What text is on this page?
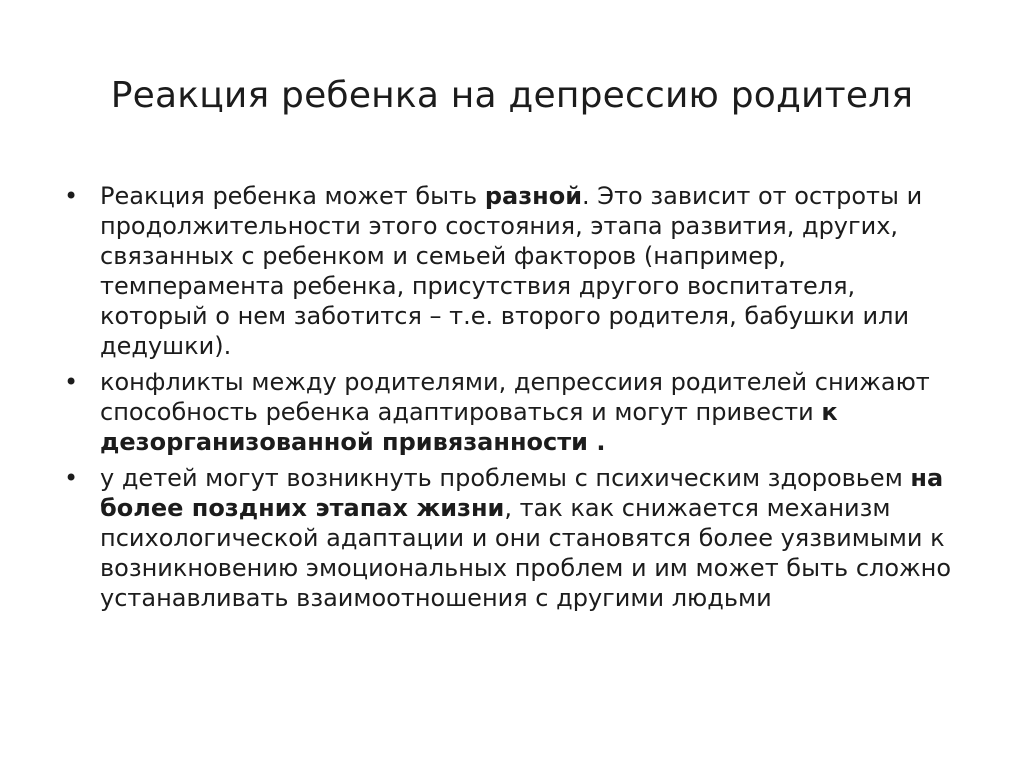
Реакция ребенка на депрессию родителя
• Реакция ребенка может быть разной. Это зависит от остроты и продолжительности этого состояния, этапа развития, других, связанных с ребенком и семьей факторов (например, темперамента ребенка, присутствия другого воспитателя, который о нем заботится – т.е. второго родителя, бабушки или дедушки).
• конфликты между родителями, депрессиия родителей снижают способность ребенка адаптироваться и могут привести к дезорганизованной привязанности .
• у детей могут возникнуть проблемы с психическим здоровьем на более поздних этапах жизни, так как снижается механизм психологической адаптации и они становятся более уязвимыми к возникновению эмоциональных проблем и им может быть сложно устанавливать взаимоотношения с другими людьми
